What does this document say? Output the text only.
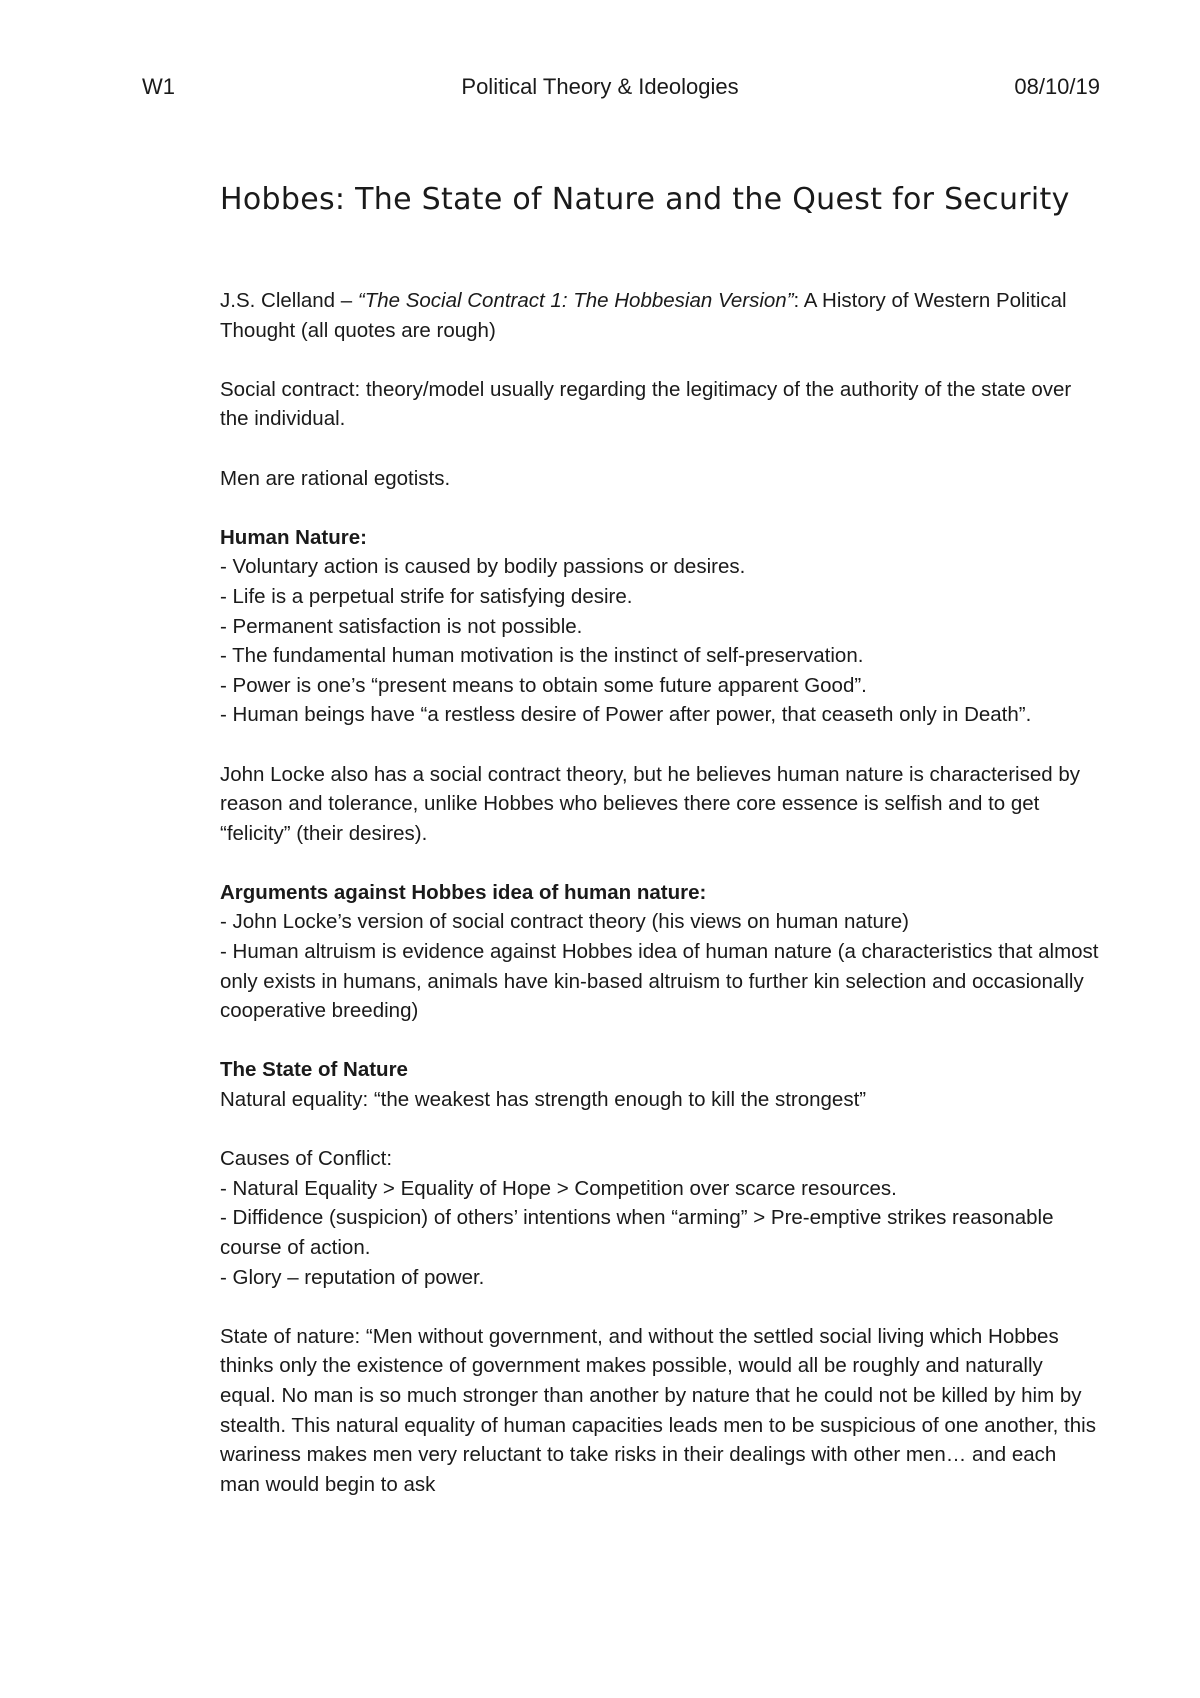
W1	Political Theory & Ideologies	08/10/19
Hobbes: The State of Nature and the Quest for Security

J.S. Clelland – “The Social Contract 1: The Hobbesian Version”: A History of Western Political Thought (all quotes are rough)

Social contract: theory/model usually regarding the legitimacy of the authority of the state over the individual.

Men are rational egotists.

Human Nature:
- Voluntary action is caused by bodily passions or desires.
- Life is a perpetual strife for satisfying desire.
- Permanent satisfaction is not possible.
- The fundamental human motivation is the instinct of self-preservation.
- Power is one’s “present means to obtain some future apparent Good”.
- Human beings have “a restless desire of Power after power, that ceaseth only in Death”.

John Locke also has a social contract theory, but he believes human nature is characterised by reason and tolerance, unlike Hobbes who believes there core essence is selfish and to get “felicity” (their desires).

Arguments against Hobbes idea of human nature:
- John Locke’s version of social contract theory (his views on human nature)
- Human altruism is evidence against Hobbes idea of human nature (a characteristics that almost only exists in humans, animals have kin-based altruism to further kin selection and occasionally cooperative breeding)

The State of Nature
Natural equality: “the weakest has strength enough to kill the strongest”

Causes of Conflict:
- Natural Equality > Equality of Hope > Competition over scarce resources.
- Diffidence (suspicion) of others’ intentions when “arming” > Pre-emptive strikes reasonable course of action.
- Glory – reputation of power.

State of nature: “Men without government, and without the settled social living which Hobbes thinks only the existence of government makes possible, would all be roughly and naturally equal. No man is so much stronger than another by nature that he could not be killed by him by stealth. This natural equality of human capacities leads men to be suspicious of one another, this wariness makes men very reluctant to take risks in their dealings with other men… and each man would begin to ask
